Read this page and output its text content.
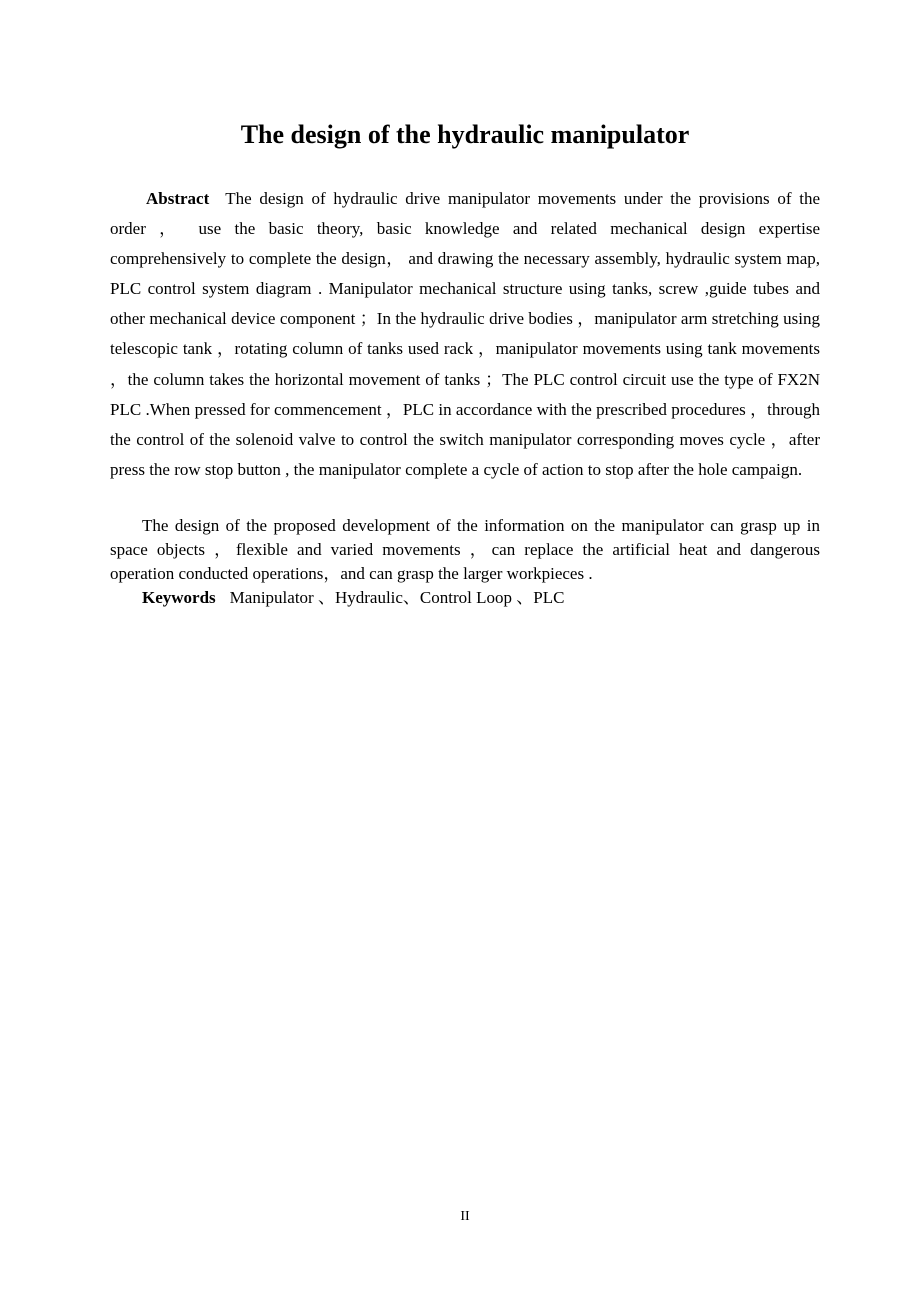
The design of the hydraulic manipulator
Abstract The design of hydraulic drive manipulator movements under the provisions of the order ， use the basic theory, basic knowledge and related mechanical design expertise comprehensively to complete the design， and drawing the necessary assembly, hydraulic system map, PLC control system diagram . Manipulator mechanical structure using tanks, screw ,guide tubes and other mechanical device component ；In the hydraulic drive bodies ，manipulator arm stretching using telescopic tank ，rotating column of tanks used rack ，manipulator movements using tank movements ，the column takes the horizontal movement of tanks ；The PLC control circuit use the type of FX2N PLC .When pressed for commencement ，PLC in accordance with the prescribed procedures ，through the control of the solenoid valve to control the switch manipulator corresponding moves cycle ，after press the row stop button , the manipulator complete a cycle of action to stop after the hole campaign.
The design of the proposed development of the information on the manipulator can grasp up in space objects ，flexible and varied movements ，can replace the artificial heat and dangerous operation conducted operations，and can grasp the larger workpieces .
Keywords Manipulator 、Hydraulic、Control Loop 、PLC
II
